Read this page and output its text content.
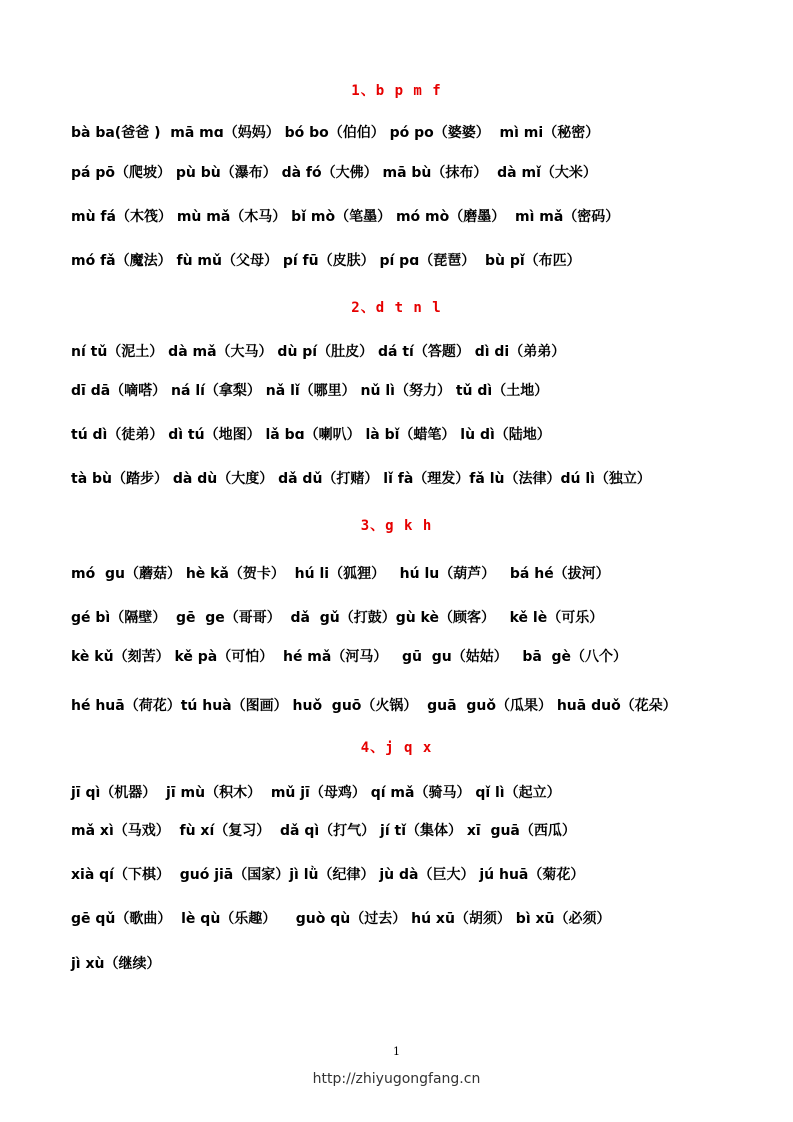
1、b p m f
bà ba(爸爸 )  mā mɑ（妈妈） bó bo（伯伯） pó po（婆婆）  mì mi（秘密）
pá pō（爬坡） pù bù（瀑布） dà fó（大佛） mā bù（抹布）  dà mǐ（大米）
mù fá（木筏） mù mǎ（木马） bǐ mò（笔墨） mó mò（磨墨）  mì mǎ（密码）
mó fǎ（魔法） fù mǔ（父母） pí fū（皮肤） pí pɑ（琵琶）  bù pǐ（布匹）
2、d t n l
ní tǔ（泥土） dà mǎ（大马） dù pí（肚皮） dá tí（答题） dì di（弟弟）
dī dā（嘀嗒） ná lí（拿梨） nǎ lǐ（哪里） nǔ lì（努力） tǔ dì（土地）
tú dì（徒弟） dì tú（地图） lǎ bɑ（喇叭） là bǐ（蜡笔） lù dì（陆地）
tà bù（踏步） dà dù（大度） dǎ dǔ（打赌） lǐ fà（理发）fǎ lù（法律）dú lì（独立）
3、g k h
mó  gu（蘑菇） hè kǎ（贺卡）  hú li（狐狸）   hú lu（葫芦）   bá hé（拔河）
gé bì（隔壁）  gē  ge（哥哥）  dǎ  gǔ（打鼓）gù kè（顾客）   kě lè（可乐）
kè kǔ（刻苦） kě pà（可怕）  hé mǎ（河马）   gū  gu（姑姑）   bā  gè（八个）
hé huā（荷花）tú huà（图画） huǒ  guō（火锅）  guā  guǒ（瓜果） huā duǒ（花朵）
4、j q x
jī qì（机器）  jī mù（积木）  mǔ jī（母鸡） qí mǎ（骑马） qǐ lì（起立）
mǎ xì（马戏）  fù xí（复习）  dǎ qì（打气） jí tǐ（集体） xī  guā（西瓜）
xià qí（下棋）  guó jiā（国家）jì lǜ（纪律） jù dà（巨大） jú huā（菊花）
gē qǔ（歌曲）  lè qù（乐趣）    guò qù（过去） hú xū（胡须） bì xū（必须）
jì xù（继续）
1
http://zhiyugongfang.cn
